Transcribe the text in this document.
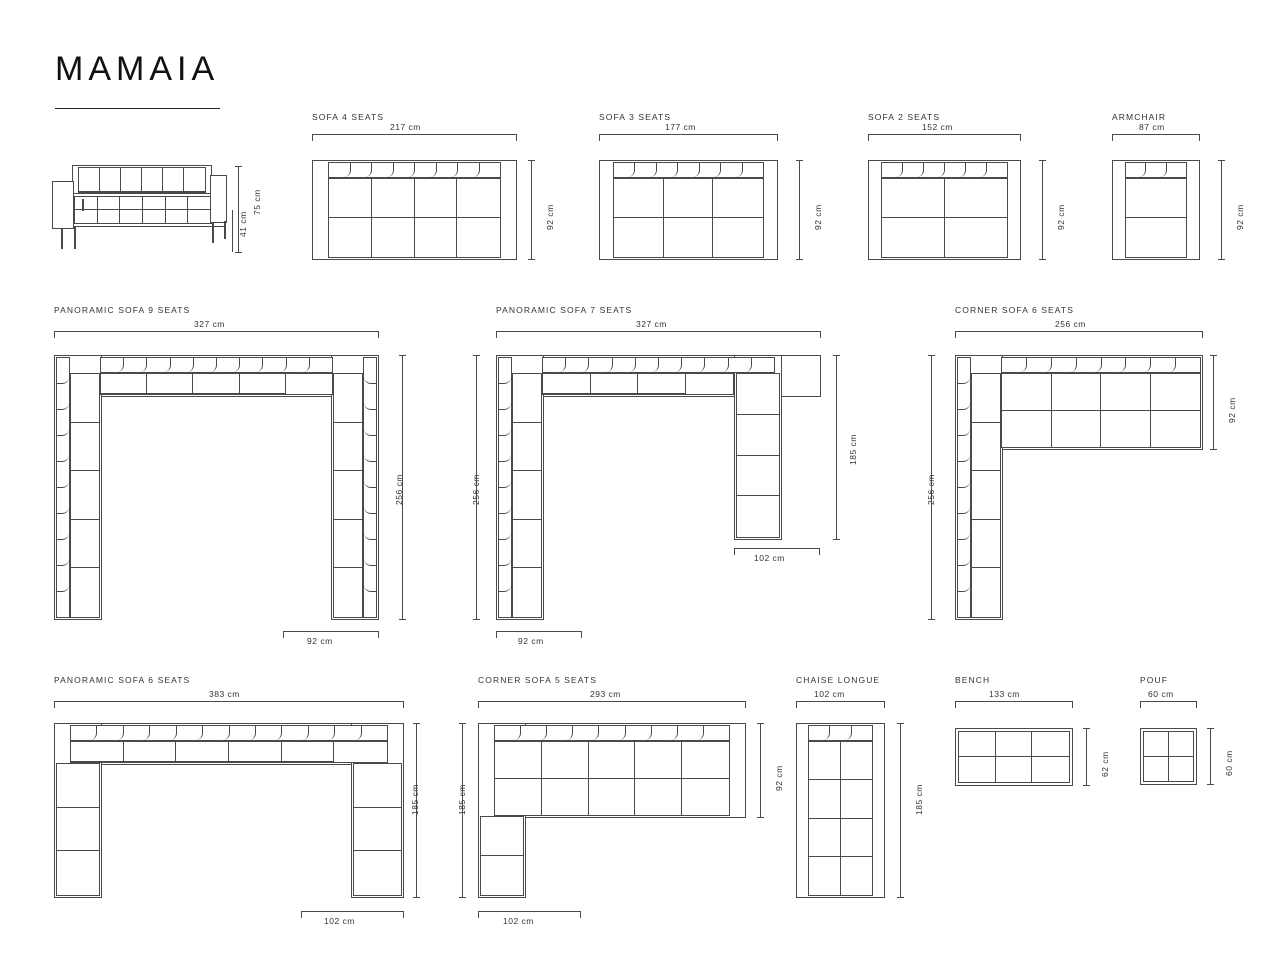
MAMAIA
75 cm
41 cm
SOFA 4 SEATS
217 cm
92 cm
SOFA 3 SEATS
177 cm
92 cm
SOFA 2 SEATS
152 cm
92 cm
ARMCHAIR
87 cm
92 cm
PANORAMIC SOFA 9 SEATS
327 cm
256 cm
92 cm
PANORAMIC SOFA 7 SEATS
327 cm
185 cm
256 cm
102 cm
92 cm
CORNER SOFA 6 SEATS
256 cm
92 cm
256 cm
PANORAMIC SOFA 6 SEATS
383 cm
185 cm
102 cm
CORNER SOFA 5 SEATS
293 cm
92 cm
185 cm
102 cm
CHAISE LONGUE
102 cm
185 cm
BENCH
133 cm
62 cm
POUF
60 cm
60 cm
